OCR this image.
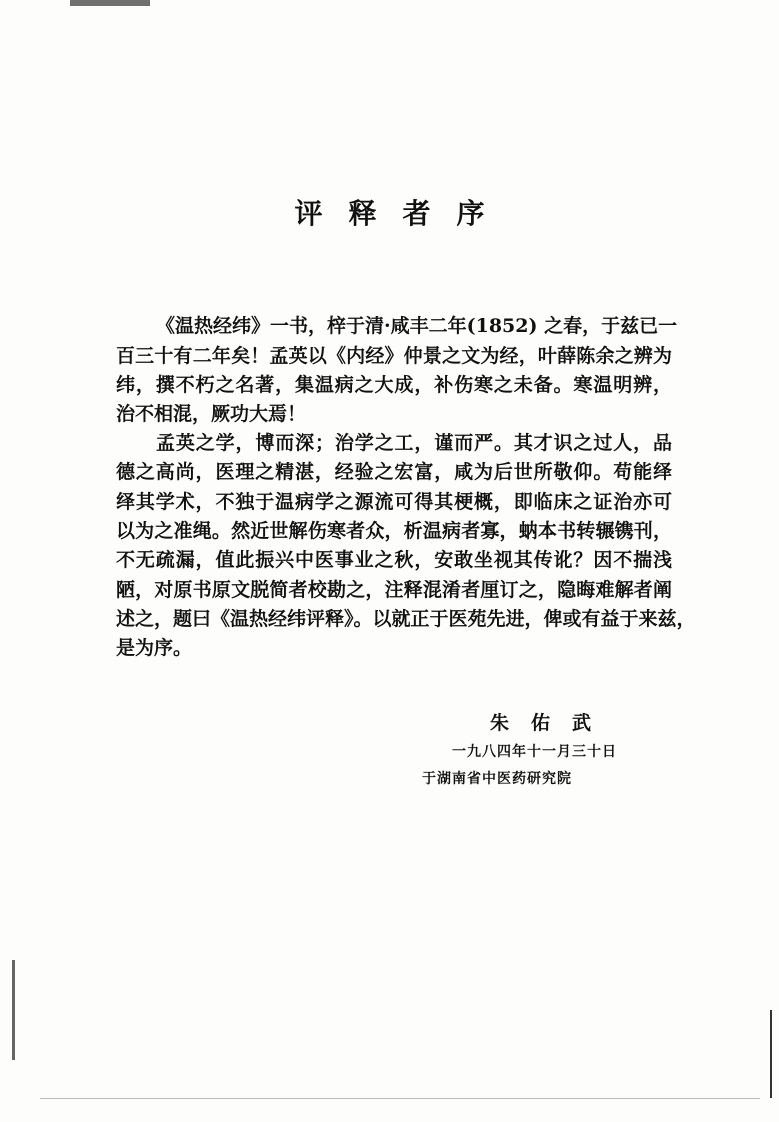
评释者序
《温热经纬》一书，梓于清·咸丰二年(1852) 之春，于兹已一
百三十有二年矣！孟英以《内经》仲景之文为经，叶薛陈余之辨为
纬，撰不朽之名著，集温病之大成，补伤寒之未备。寒温明辨，
治不相混，厥功大焉！
孟英之学，博而深；治学之工，谨而严。其才识之过人，品
德之高尚，医理之精湛，经验之宏富，咸为后世所敬仰。苟能绎
绎其学术，不独于温病学之源流可得其梗概，即临床之证治亦可
以为之准绳。然近世解伤寒者众，析温病者寡，蚋本书转辗镌刊，
不无疏漏，值此振兴中医事业之秋，安敢坐视其传讹？因不揣浅
陋，对原书原文脱简者校勘之，注释混淆者厘订之，隐晦难解者阐
述之，题曰《温热经纬评释》。以就正于医苑先进，俾或有益于来兹，
是为序。
朱佑武
一九八四年十一月三十日
于湖南省中医药研究院
